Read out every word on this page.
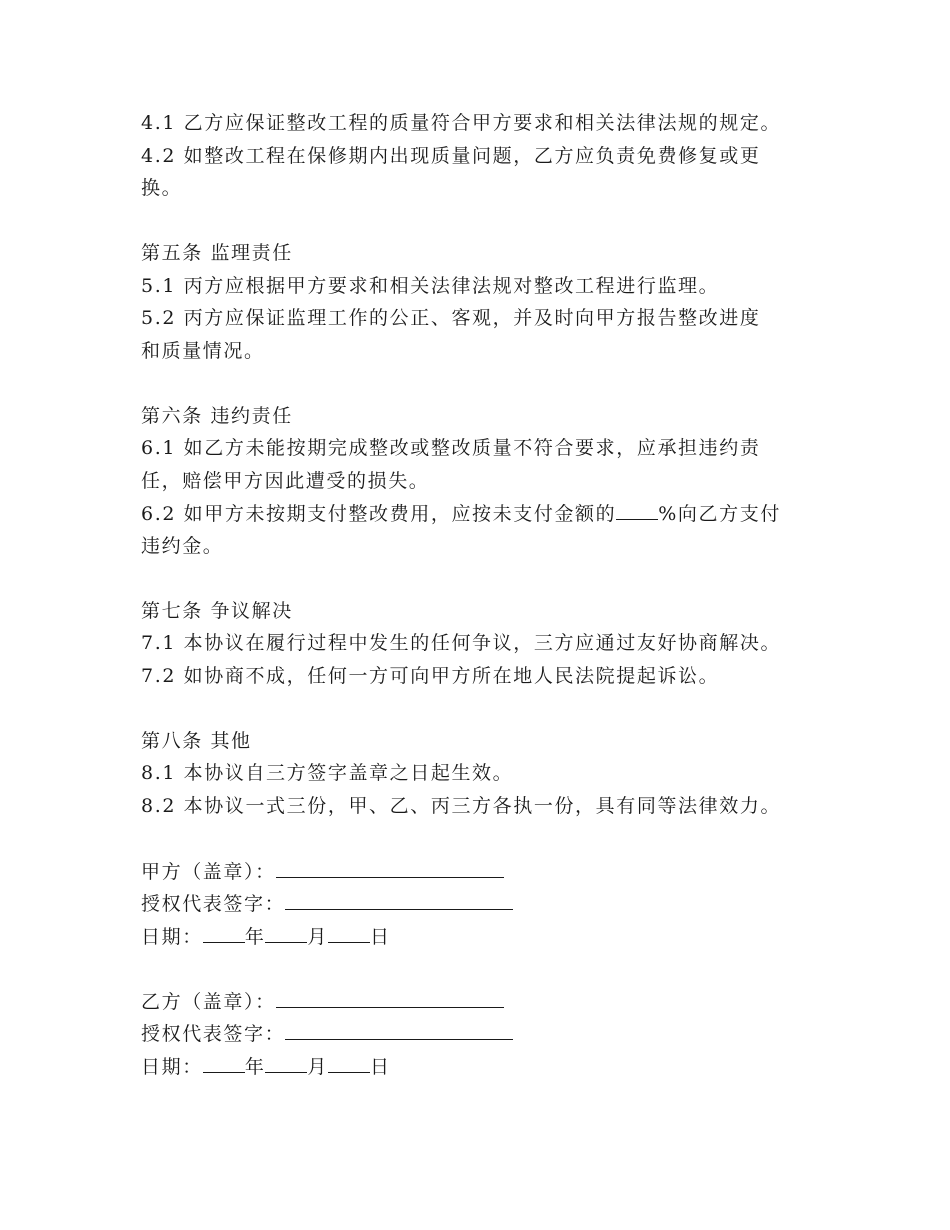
4.1 乙方应保证整改工程的质量符合甲方要求和相关法律法规的规定。
4.2 如整改工程在保修期内出现质量问题，乙方应负责免费修复或更
换。
第五条 监理责任
5.1 丙方应根据甲方要求和相关法律法规对整改工程进行监理。
5.2 丙方应保证监理工作的公正、客观，并及时向甲方报告整改进度
和质量情况。
第六条 违约责任
6.1 如乙方未能按期完成整改或整改质量不符合要求，应承担违约责
任，赔偿甲方因此遭受的损失。
6.2 如甲方未按期支付整改费用，应按未支付金额的 %向乙方支付
违约金。
第七条 争议解决
7.1 本协议在履行过程中发生的任何争议，三方应通过友好协商解决。
7.2 如协商不成，任何一方可向甲方所在地人民法院提起诉讼。
第八条 其他
8.1 本协议自三方签字盖章之日起生效。
8.2 本协议一式三份，甲、乙、丙三方各执一份，具有同等法律效力。
甲方（盖章）：
授权代表签字：
日期： 年 月 日
乙方（盖章）：
授权代表签字：
日期： 年 月 日
